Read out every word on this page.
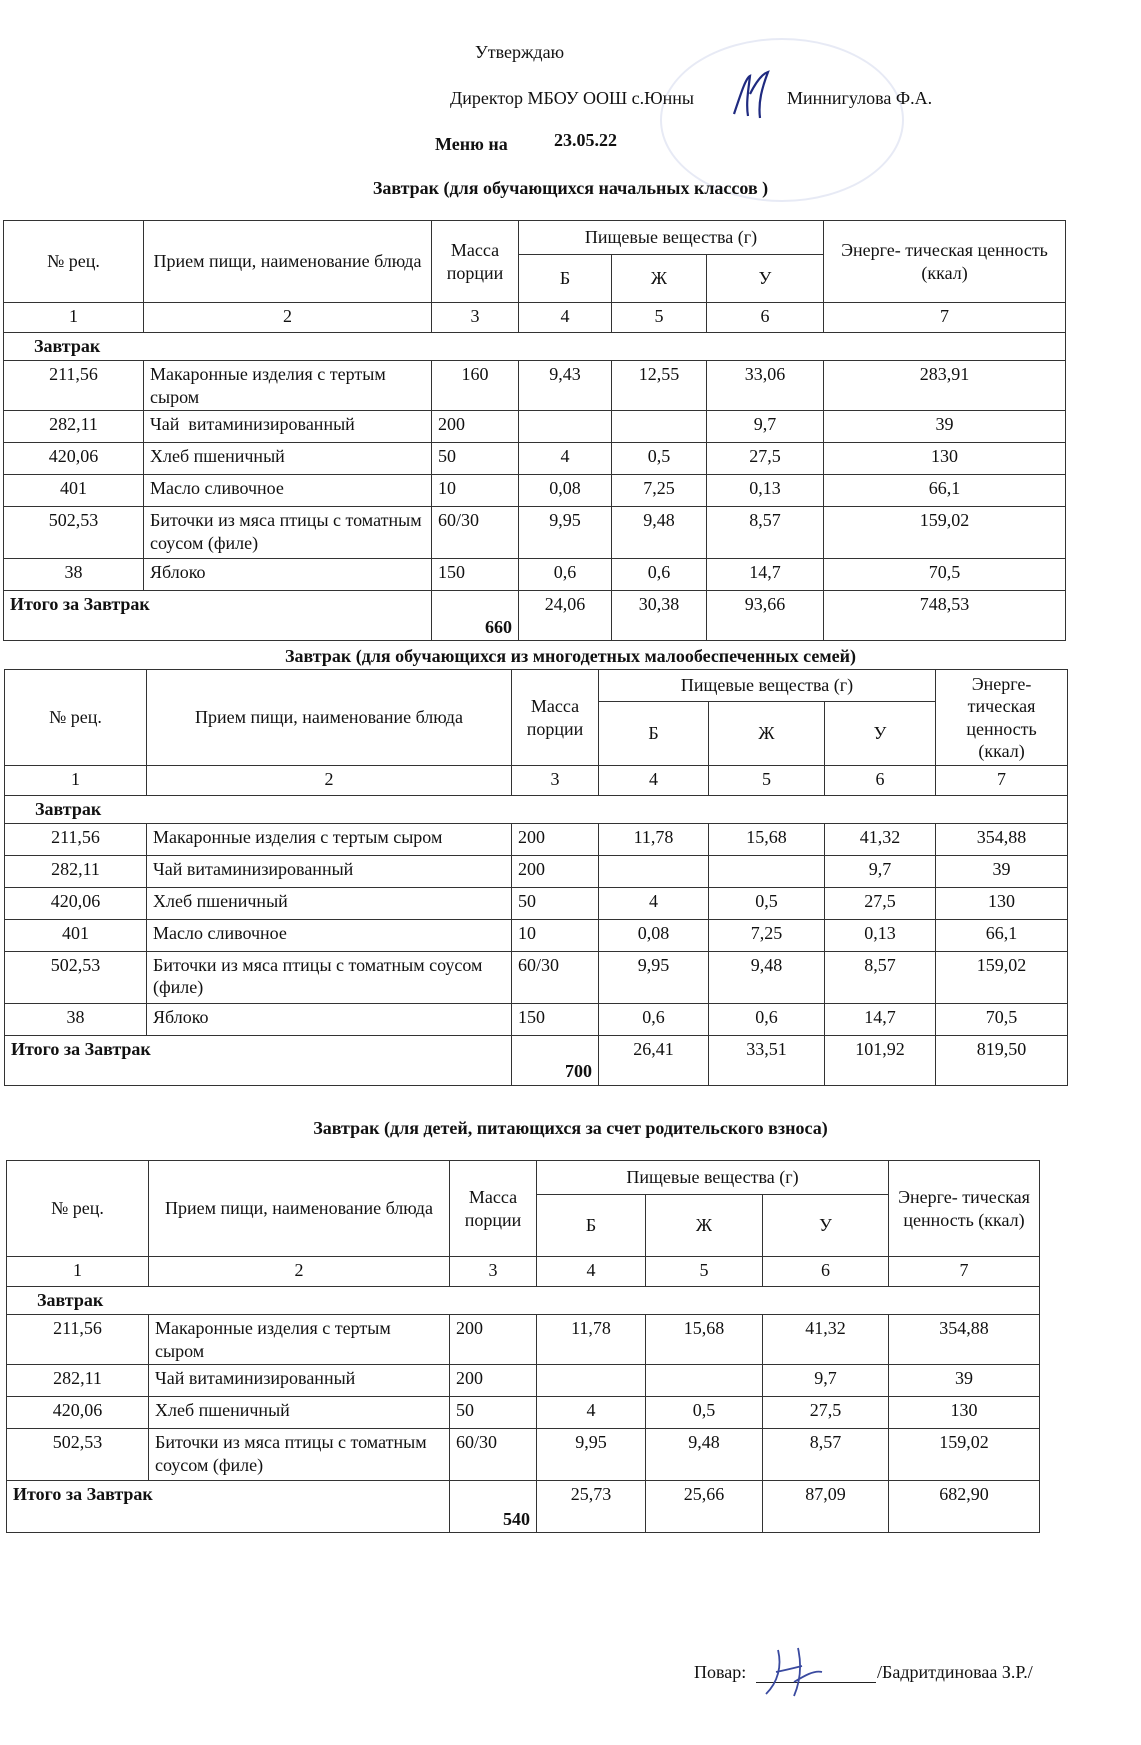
Утверждаю
Директор МБОУ ООШ с.Юнны	Миннигулова Ф.А.
Меню на	23.05.22
Завтрак (для обучающихся начальных классов )
№ рец.	Прием пищи, наименование блюда	Масса порции	Пищевые вещества (г)			Энерге- тическая ценность (ккал)
			Б	Ж	У	
1	2	3	4	5	6	7
Завтрак						
211,56	Макаронные изделия с тертым сыром	160	9,43	12,55	33,06	283,91
282,11	Чай  витаминизированный	200			9,7	39
420,06	Хлеб пшеничный	50	4	0,5	27,5	130
401	Масло сливочное	10	0,08	7,25	0,13	66,1
502,53	Биточки из мяса птицы с томатным соусом (филе)	60/30	9,95	9,48	8,57	159,02
38	Яблоко	150	0,6	0,6	14,7	70,5
Итого за Завтрак		660	24,06	30,38	93,66	748,53
Завтрак (для обучающихся из многодетных малообеспеченных семей)
№ рец.	Прием пищи, наименование блюда	Масса порции	Пищевые вещества (г)			Энерге- тическая ценность (ккал)
			Б	Ж	У	
1	2	3	4	5	6	7
Завтрак						
211,56	Макаронные изделия с тертым сыром	200	11,78	15,68	41,32	354,88
282,11	Чай витаминизированный	200			9,7	39
420,06	Хлеб пшеничный	50	4	0,5	27,5	130
401	Масло сливочное	10	0,08	7,25	0,13	66,1
502,53	Биточки из мяса птицы с томатным соусом (филе)	60/30	9,95	9,48	8,57	159,02
38	Яблоко	150	0,6	0,6	14,7	70,5
Итого за Завтрак		700	26,41	33,51	101,92	819,50
Завтрак (для детей, питающихся за счет родительского взноса)
№ рец.	Прием пищи, наименование блюда	Масса порции	Пищевые вещества (г)			Энерге- тическая ценность (ккал)
			Б	Ж	У	
1	2	3	4	5	6	7
Завтрак						
211,56	Макаронные изделия с тертым сыром	200	11,78	15,68	41,32	354,88
282,11	Чай витаминизированный	200			9,7	39
420,06	Хлеб пшеничный	50	4	0,5	27,5	130
502,53	Биточки из мяса птицы с томатным соусом (филе)	60/30	9,95	9,48	8,57	159,02
Итого за Завтрак		540	25,73	25,66	87,09	682,90
Повар:	/Бадритдиноваа З.Р./
